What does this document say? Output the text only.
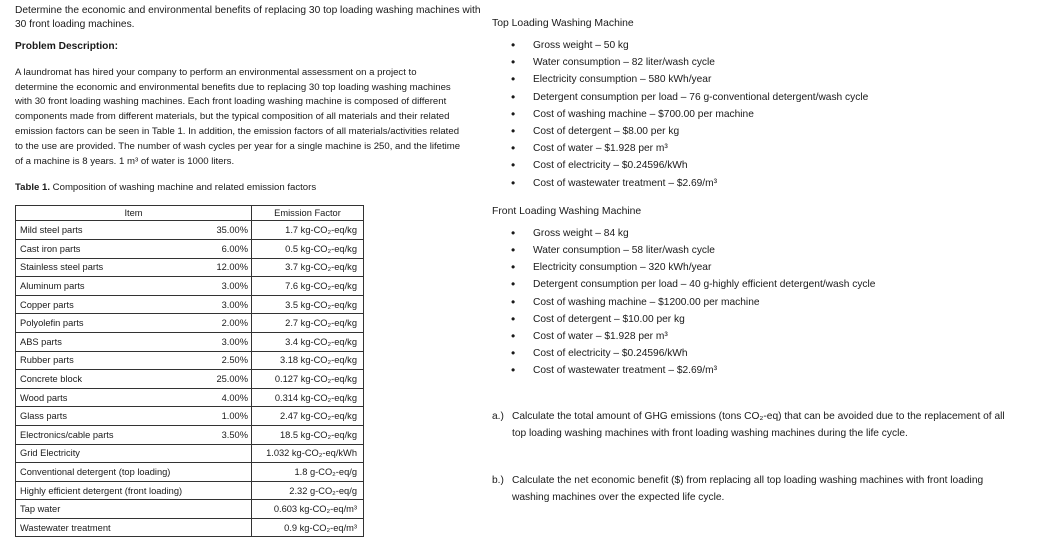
Determine the economic and environmental benefits of replacing 30 top loading washing machines with

30 front loading machines.

Problem Description:
A laundromat has hired your company to perform an environmental assessment on a project to
determine the economic and environmental benefits due to replacing 30 top loading washing machines
with 30 front loading washing machines. Each front loading washing machine is composed of different
components made from different materials, but the typical composition of all materials and their related
emission factors can be seen in Table 1. In addition, the emission factors of all materials/activities related
to the use are provided. The number of wash cycles per year for a single machine is 250, and the lifetime
of a machine is 8 years. 1 m³ of water is 1000 liters.
Table 1. Composition of washing machine and related emission factors
Item		Emission Factor
Mild steel parts	35.00%	1.7 kg-CO₂-eq/kg
Cast iron parts	6.00%	0.5 kg-CO₂-eq/kg
Stainless steel parts	12.00%	3.7 kg-CO₂-eq/kg
Aluminum parts	3.00%	7.6 kg-CO₂-eq/kg
Copper parts	3.00%	3.5 kg-CO₂-eq/kg
Polyolefin parts	2.00%	2.7 kg-CO₂-eq/kg
ABS parts	3.00%	3.4 kg-CO₂-eq/kg
Rubber parts	2.50%	3.18 kg-CO₂-eq/kg
Concrete block	25.00%	0.127 kg-CO₂-eq/kg
Wood parts	4.00%	0.314 kg-CO₂-eq/kg
Glass parts	1.00%	2.47 kg-CO₂-eq/kg
Electronics/cable parts	3.50%	18.5 kg-CO₂-eq/kg
Grid Electricity		1.032 kg-CO₂-eq/kWh
Conventional detergent (top loading)		1.8 g-CO₂-eq/g
Highly efficient detergent (front loading)		2.32 g-CO₂-eq/g
Tap water		0.603 kg-CO₂-eq/m³
Wastewater treatment		0.9 kg-CO₂-eq/m³

Top Loading Washing Machine

• Gross weight – 50 kg
• Water consumption – 82 liter/wash cycle
• Electricity consumption – 580 kWh/year
• Detergent consumption per load – 76 g-conventional detergent/wash cycle
• Cost of washing machine – $700.00 per machine
• Cost of detergent – $8.00 per kg
• Cost of water – $1.928 per m³
• Cost of electricity – $0.24596/kWh
• Cost of wastewater treatment – $2.69/m³

Front Loading Washing Machine

• Gross weight – 84 kg
• Water consumption – 58 liter/wash cycle
• Electricity consumption – 320 kWh/year
• Detergent consumption per load – 40 g-highly efficient detergent/wash cycle
• Cost of washing machine – $1200.00 per machine
• Cost of detergent – $10.00 per kg
• Cost of water – $1.928 per m³
• Cost of electricity – $0.24596/kWh
• Cost of wastewater treatment – $2.69/m³
a.) Calculate the total amount of GHG emissions (tons CO₂-eq) that can be avoided due to the replacement of all top loading washing machines with front loading washing machines during the life cycle.
b.) Calculate the net economic benefit ($) from replacing all top loading washing machines with front loading washing machines over the expected life cycle.
